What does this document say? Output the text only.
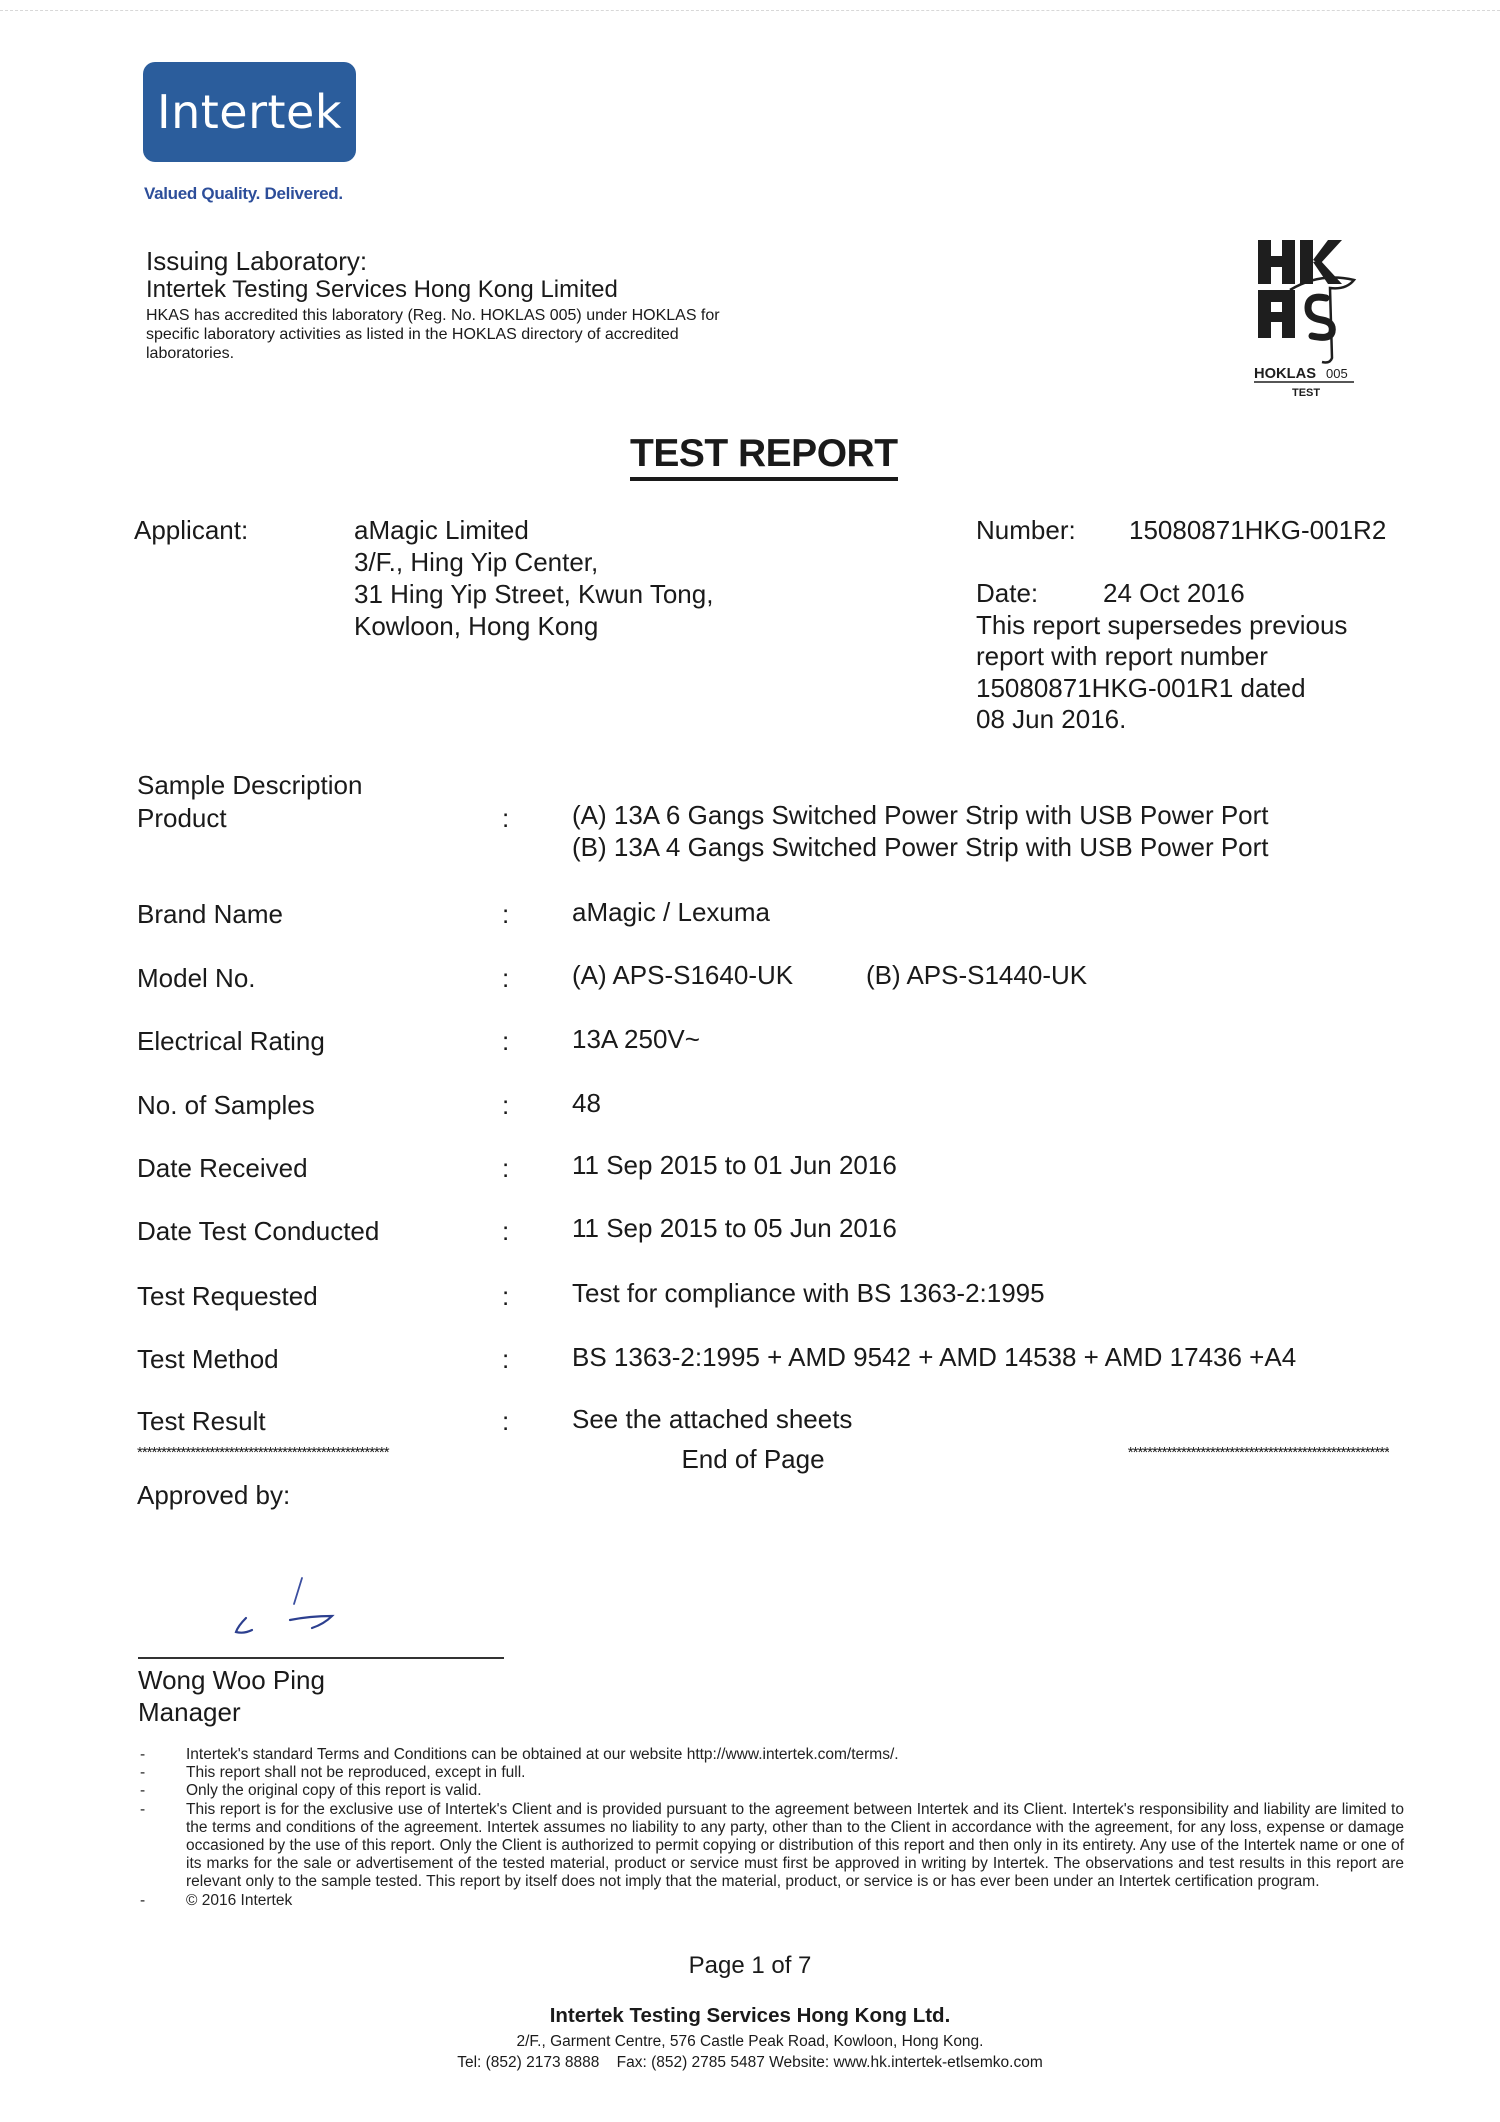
Intertek
Valued Quality. Delivered.
Issuing Laboratory:
Intertek Testing Services Hong Kong Limited
HKAS has accredited this laboratory (Reg. No. HOKLAS 005) under HOKLAS for
specific laboratory activities as listed in the HOKLAS directory of accredited
laboratories.
HOKLAS 005
TEST
TEST REPORT
Applicant:	aMagic Limited
3/F., Hing Yip Center,
31 Hing Yip Street, Kwun Tong,
Kowloon, Hong Kong
Number: 15080871HKG-001R2
Date: 24 Oct 2016
This report supersedes previous
report with report number
15080871HKG-001R1 dated
08 Jun 2016.
Sample Description
Product	: (A) 13A 6 Gangs Switched Power Strip with USB Power Port
(B) 13A 4 Gangs Switched Power Strip with USB Power Port
Brand Name	: aMagic / Lexuma
Model No.	: (A) APS-S1640-UK	(B) APS-S1440-UK
Electrical Rating	: 13A 250V~
No. of Samples	: 48
Date Received	: 11 Sep 2015 to 01 Jun 2016
Date Test Conducted	: 11 Sep 2015 to 05 Jun 2016
Test Requested	: Test for compliance with BS 1363-2:1995
Test Method	: BS 1363-2:1995 + AMD 9542 + AMD 14538 + AMD 17436 +A4
Test Result	: See the attached sheets
****************************************************	End of Page	******************************************************
Approved by:
Wong Woo Ping
Manager
-	Intertek's standard Terms and Conditions can be obtained at our website http://www.intertek.com/terms/.
-	This report shall not be reproduced, except in full.
-	Only the original copy of this report is valid.
-	This report is for the exclusive use of Intertek's Client and is provided pursuant to the agreement between Intertek and its Client. Intertek's responsibility and liability are limited to the terms and conditions of the agreement. Intertek assumes no liability to any party, other than to the Client in accordance with the agreement, for any loss, expense or damage occasioned by the use of this report. Only the Client is authorized to permit copying or distribution of this report and then only in its entirety. Any use of the Intertek name or one of its marks for the sale or advertisement of the tested material, product or service must first be approved in writing by Intertek. The observations and test results in this report are relevant only to the sample tested. This report by itself does not imply that the material, product, or service is or has ever been under an Intertek certification program.
-	© 2016 Intertek
Page 1 of 7
Intertek Testing Services Hong Kong Ltd.
2/F., Garment Centre, 576 Castle Peak Road, Kowloon, Hong Kong.
Tel: (852) 2173 8888    Fax: (852) 2785 5487 Website: www.hk.intertek-etlsemko.com
